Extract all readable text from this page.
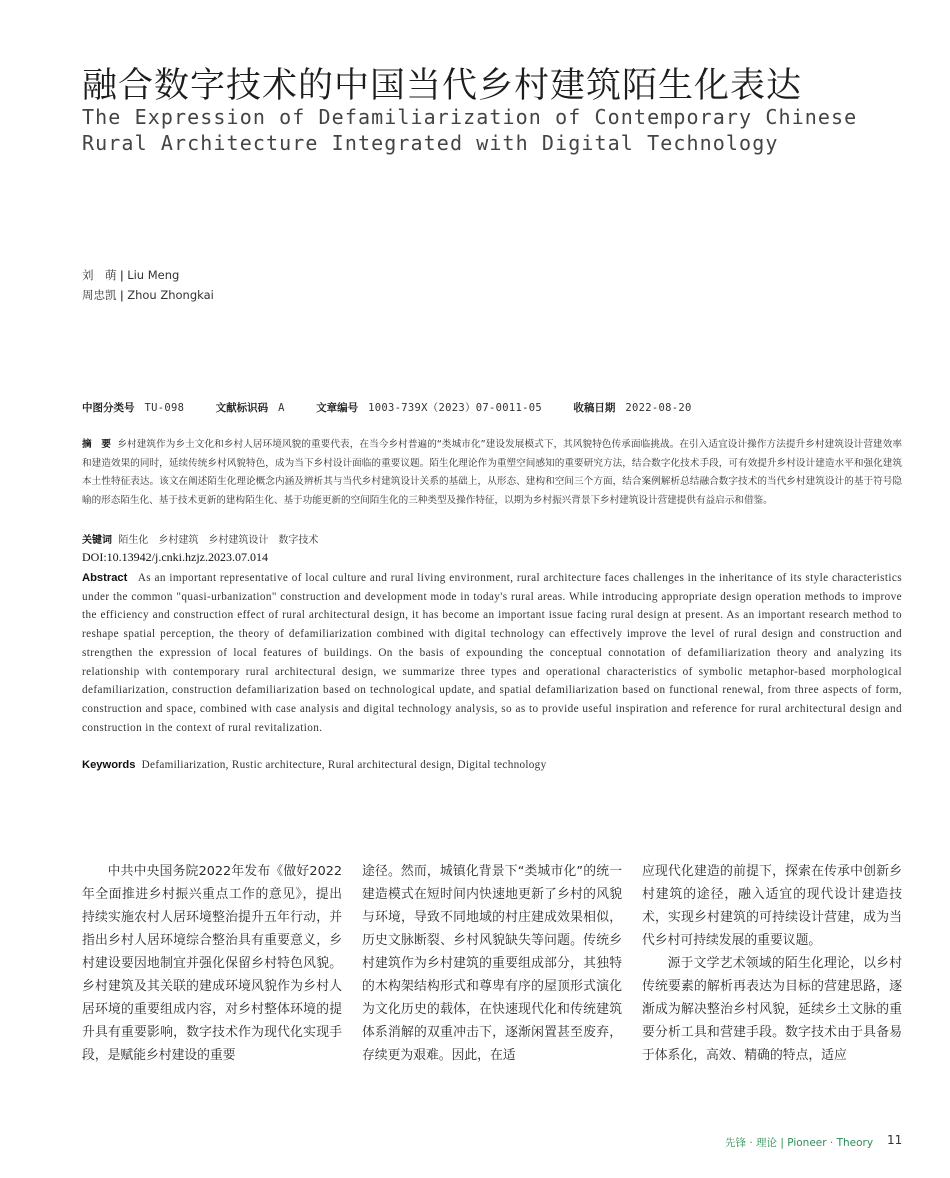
融合数字技术的中国当代乡村建筑陌生化表达
The Expression of Defamiliarization of Contemporary Chinese Rural Architecture Integrated with Digital Technology
刘　萌 ǀ Liu Meng
周忠凯 ǀ Zhou Zhongkai
中图分类号 TU-098	文献标识码 A	文章编号 1003-739X（2023）07-0011-05	收稿日期 2022-08-20
摘　要 乡村建筑作为乡土文化和乡村人居环境风貌的重要代表，在当今乡村普遍的“类城市化”建设发展模式下，其风貌特色传承面临挑战。在引入适宜设计操作方法提升乡村建筑设计营建效率和建造效果的同时，延续传统乡村风貌特色，成为当下乡村设计面临的重要议题。陌生化理论作为重塑空间感知的重要研究方法，结合数字化技术手段，可有效提升乡村设计建造水平和强化建筑本土性特征表达。该文在阐述陌生化理论概念内涵及辨析其与当代乡村建筑设计关系的基础上，从形态、建构和空间三个方面，结合案例解析总结融合数字技术的当代乡村建筑设计的基于符号隐喻的形态陌生化、基于技术更新的建构陌生化、基于功能更新的空间陌生化的三种类型及操作特征，以期为乡村振兴背景下乡村建筑设计营建提供有益启示和借鉴。
关键词 陌生化　乡村建筑　乡村建筑设计　数字技术
DOI:10.13942/j.cnki.hzjz.2023.07.014
Abstract As an important representative of local culture and rural living environment, rural architecture faces challenges in the inheritance of its style characteristics under the common "quasi-urbanization" construction and development mode in today's rural areas. While introducing appropriate design operation methods to improve the efficiency and construction effect of rural architectural design, it has become an important issue facing rural design at present. As an important research method to reshape spatial perception, the theory of defamiliarization combined with digital technology can effectively improve the level of rural design and construction and strengthen the expression of local features of buildings. On the basis of expounding the conceptual connotation of defamiliarization theory and analyzing its relationship with contemporary rural architectural design, we summarize three types and operational characteristics of symbolic metaphor-based morphological defamiliarization, construction defamiliarization based on technological update, and spatial defamiliarization based on functional renewal, from three aspects of form, construction and space, combined with case analysis and digital technology analysis, so as to provide useful inspiration and reference for rural architectural design and construction in the context of rural revitalization.
Keywords Defamiliarization, Rustic architecture, Rural architectural design, Digital technology

中共中央国务院2022年发布《做好2022年全面推进乡村振兴重点工作的意见》，提出持续实施农村人居环境整治提升五年行动，并指出乡村人居环境综合整治具有重要意义，乡村建设要因地制宜并强化保留乡村特色风貌。乡村建筑及其关联的建成环境风貌作为乡村人居环境的重要组成内容，对乡村整体环境的提升具有重要影响，数字技术作为现代化实现手段，是赋能乡村建设的重要

途径。然而，城镇化背景下“类城市化”的统一建造模式在短时间内快速地更新了乡村的风貌与环境，导致不同地域的村庄建成效果相似，历史文脉断裂、乡村风貌缺失等问题。传统乡村建筑作为乡村建筑的重要组成部分，其独特的木构架结构形式和尊卑有序的屋顶形式演化为文化历史的载体，在快速现代化和传统建筑体系消解的双重冲击下，逐渐闲置甚至废弃，存续更为艰难。因此，在适

应现代化建造的前提下，探索在传承中创新乡村建筑的途径，融入适宜的现代设计建造技术，实现乡村建筑的可持续设计营建，成为当代乡村可持续发展的重要议题。

源于文学艺术领域的陌生化理论，以乡村传统要素的解析再表达为目标的营建思路，逐渐成为解决整治乡村风貌，延续乡土文脉的重要分析工具和营建手段。数字技术由于具备易于体系化，高效、精确的特点，适应

先锋 · 理论 | Pioneer · Theory 11
